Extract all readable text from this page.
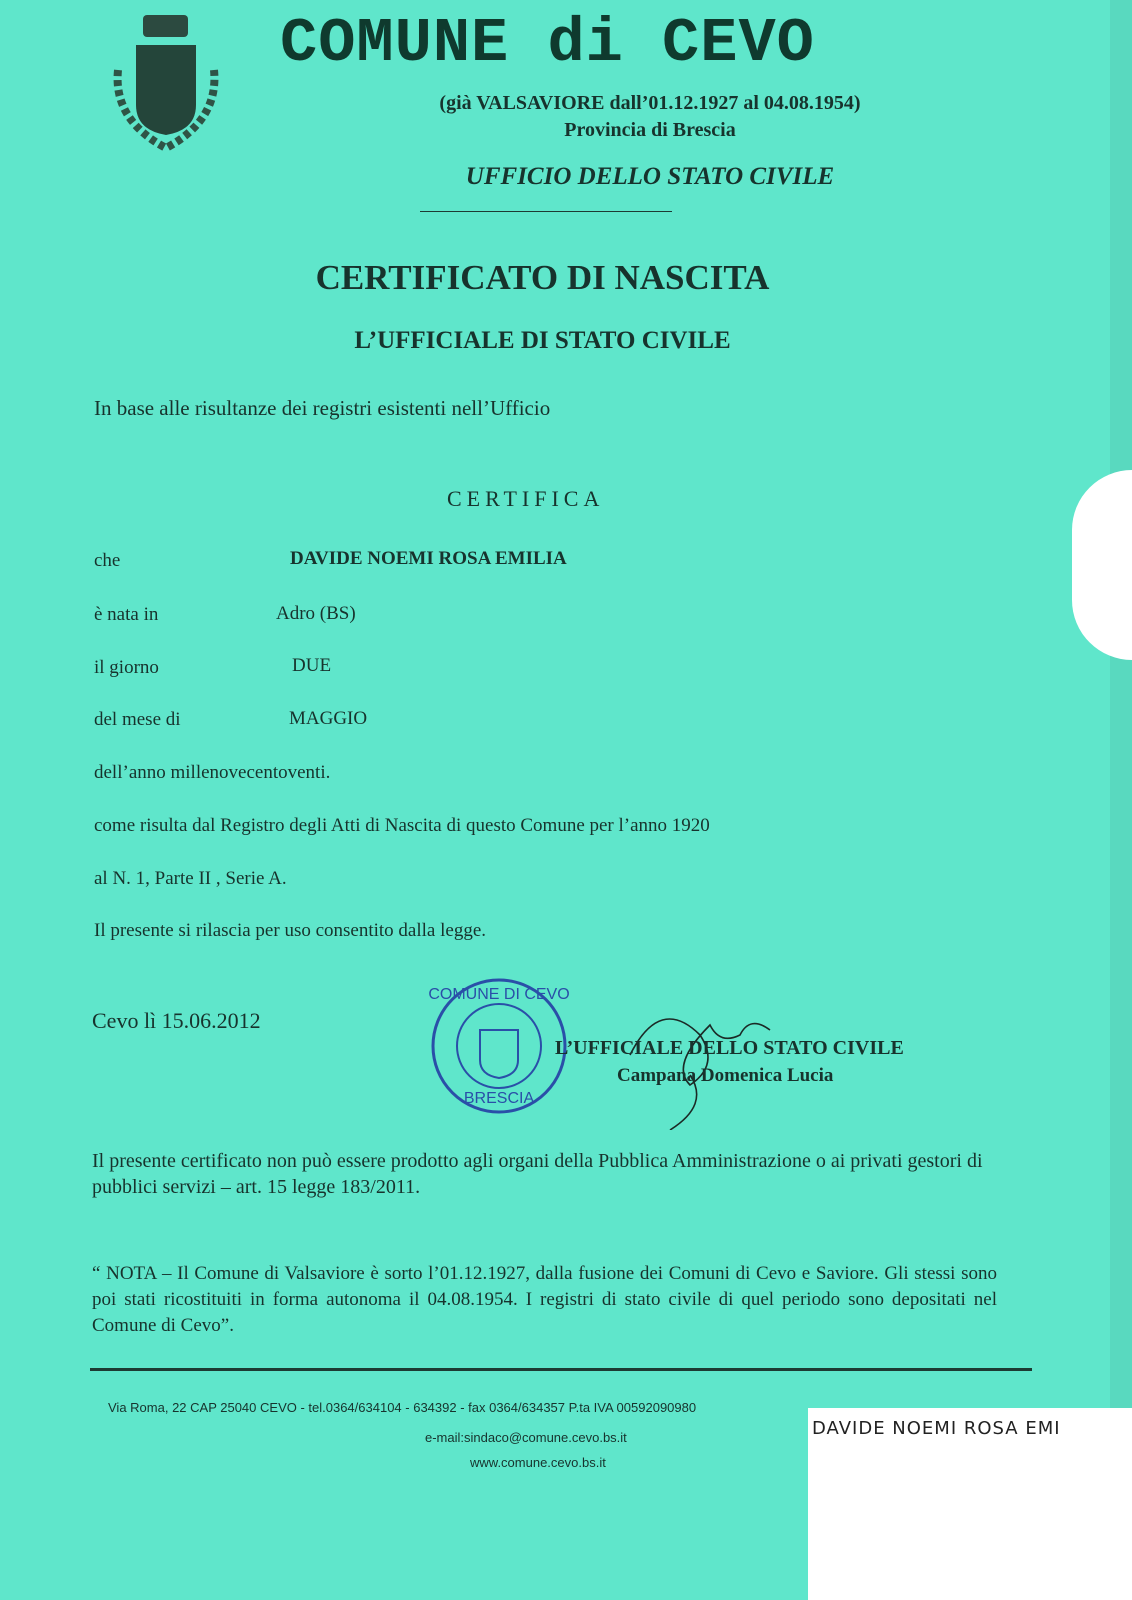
COMUNE di CEVO
(già VALSAVIORE dall’01.12.1927 al 04.08.1954)
Provincia di Brescia
UFFICIO DELLO STATO CIVILE
CERTIFICATO DI NASCITA
L’UFFICIALE DI STATO CIVILE
In base alle risultanze dei registri esistenti nell’Ufficio
CERTIFICA
che	DAVIDE NOEMI ROSA EMILIA
è nata in	Adro (BS)
il giorno	DUE
del mese di	MAGGIO
dell’anno millenovecentoventi.
come risulta dal Registro degli Atti di Nascita di questo Comune per l’anno 1920
al N. 1, Parte II , Serie A.
Il presente si rilascia per uso consentito dalla legge.
Cevo lì 15.06.2012
COMUNE DI CEVO
BRESCIA
L’UFFICIALE DELLO STATO CIVILE
Campana Domenica Lucia
Il presente certificato non può essere prodotto agli organi della Pubblica Amministrazione o ai privati gestori di pubblici servizi – art. 15 legge 183/2011.
“ NOTA – Il Comune di Valsaviore è sorto l’01.12.1927, dalla fusione dei Comuni di Cevo e Saviore. Gli stessi sono poi stati ricostituiti in forma autonoma il 04.08.1954. I registri di stato civile di quel periodo sono depositati nel Comune di Cevo”.
Via Roma, 22 CAP 25040 CEVO - tel.0364/634104 - 634392 - fax 0364/634357 P.ta IVA 00592090980
e-mail:sindaco@comune.cevo.bs.it
www.comune.cevo.bs.it
DAVIDE NOEMI ROSA EMI
